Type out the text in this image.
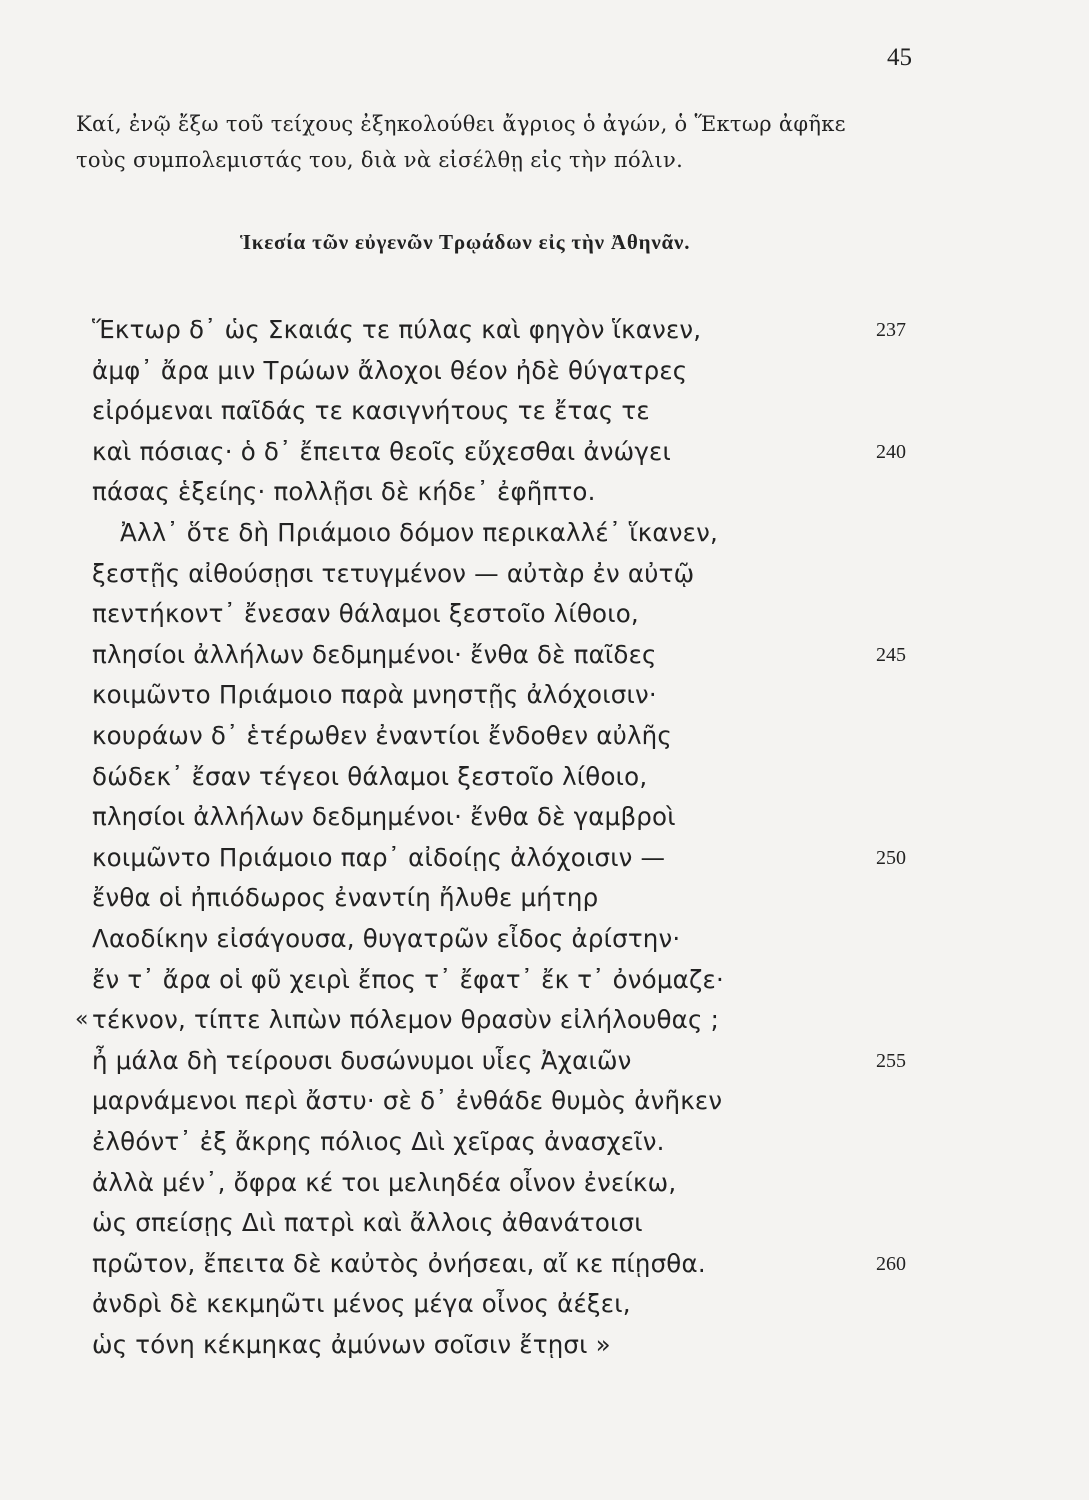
45

Καί, ἐνῷ ἔξω τοῦ τείχους ἐξηκολούθει ἄγριος ὁ ἀγών, ὁ Ἕκτωρ ἀφῆκε
τοὺς συμπολεμιστάς του, διὰ νὰ εἰσέλθῃ εἰς τὴν πόλιν.

Ἱκεσία τῶν εὐγενῶν Τρῳάδων εἰς τὴν Ἀθηνᾶν.
Ἕκτωρ δ᾽ ὡς Σκαιάς τε πύλας καὶ φηγὸν ἵκανεν,	237
ἀμφ᾽ ἄρα μιν Τρώων ἄλοχοι θέον ἠδὲ θύγατρες
εἰρόμεναι παῖδάς τε κασιγνήτους τε ἔτας τε
καὶ πόσιας· ὁ δ᾽ ἔπειτα θεοῖς εὔχεσθαι ἀνώγει	240
πάσας ἑξείης· πολλῇσι δὲ κήδε᾽ ἐφῆπτο.
Ἀλλ᾽ ὅτε δὴ Πριάμοιο δόμον περικαλλέ᾽ ἵκανεν,
ξεστῇς αἰθούσῃσι τετυγμένον — αὐτὰρ ἐν αὐτῷ
πεντήκοντ᾽ ἔνεσαν θάλαμοι ξεστοῖο λίθοιο,
πλησίοι ἀλλήλων δεδμημένοι· ἔνθα δὲ παῖδες	245
κοιμῶντο Πριάμοιο παρὰ μνηστῇς ἀλόχοισιν·
κουράων δ᾽ ἑτέρωθεν ἐναντίοι ἔνδοθεν αὐλῆς
δώδεκ᾽ ἔσαν τέγεοι θάλαμοι ξεστοῖο λίθοιο,
πλησίοι ἀλλήλων δεδμημένοι· ἔνθα δὲ γαμβροὶ
κοιμῶντο Πριάμοιο παρ᾽ αἰδοίῃς ἀλόχοισιν —	250
ἔνθα οἱ ἠπιόδωρος ἐναντίη ἤλυθε μήτηρ
Λαοδίκην εἰσάγουσα, θυγατρῶν εἶδος ἀρίστην·
ἔν τ᾽ ἄρα οἱ φῦ χειρὶ ἔπος τ᾽ ἔφατ᾽ ἔκ τ᾽ ὀνόμαζε·
« τέκνον, τίπτε λιπὼν πόλεμον θρασὺν εἰλήλουθας ;
ἦ μάλα δὴ τείρουσι δυσώνυμοι υἷες Ἀχαιῶν	255
μαρνάμενοι περὶ ἄστυ· σὲ δ᾽ ἐνθάδε θυμὸς ἀνῆκεν
ἐλθόντ᾽ ἐξ ἄκρης πόλιος Διὶ χεῖρας ἀνασχεῖν.
ἀλλὰ μέν᾽, ὄφρα κέ τοι μελιηδέα οἶνον ἐνείκω,
ὡς σπείσῃς Διὶ πατρὶ καὶ ἄλλοις ἀθανάτοισι
πρῶτον, ἔπειτα δὲ καὐτὸς ὀνήσεαι, αἴ κε πίῃσθα.	260
ἀνδρὶ δὲ κεκμηῶτι μένος μέγα οἶνος ἀέξει,
ὡς τόνη κέκμηκας ἀμύνων σοῖσιν ἔτῃσι »
